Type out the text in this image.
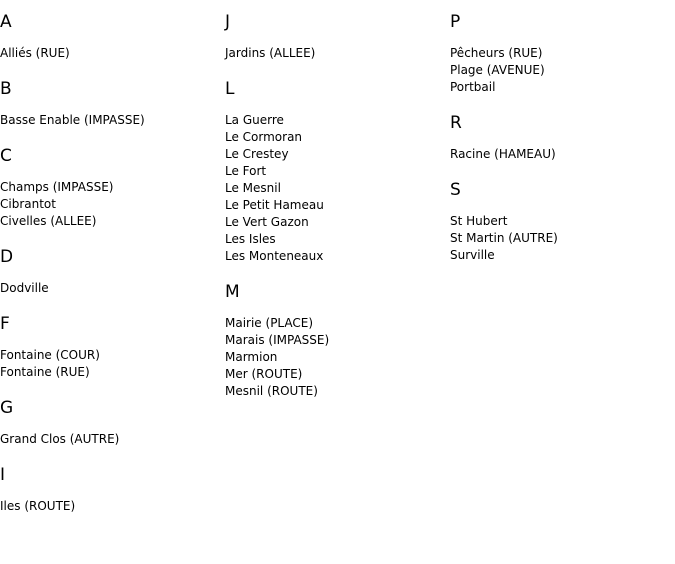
A
Alliés (RUE)
B
Basse Enable (IMPASSE)
C
Champs (IMPASSE)
Cibrantot
Civelles (ALLEE)
D
Dodville
F
Fontaine (COUR)
Fontaine (RUE)
G
Grand Clos (AUTRE)
I
Iles (ROUTE)
J
Jardins (ALLEE)
L
La Guerre
Le Cormoran
Le Crestey
Le Fort
Le Mesnil
Le Petit Hameau
Le Vert Gazon
Les Isles
Les Monteneaux
M
Mairie (PLACE)
Marais (IMPASSE)
Marmion
Mer (ROUTE)
Mesnil (ROUTE)
P
Pêcheurs (RUE)
Plage (AVENUE)
Portbail
R
Racine (HAMEAU)
S
St Hubert
St Martin (AUTRE)
Surville
